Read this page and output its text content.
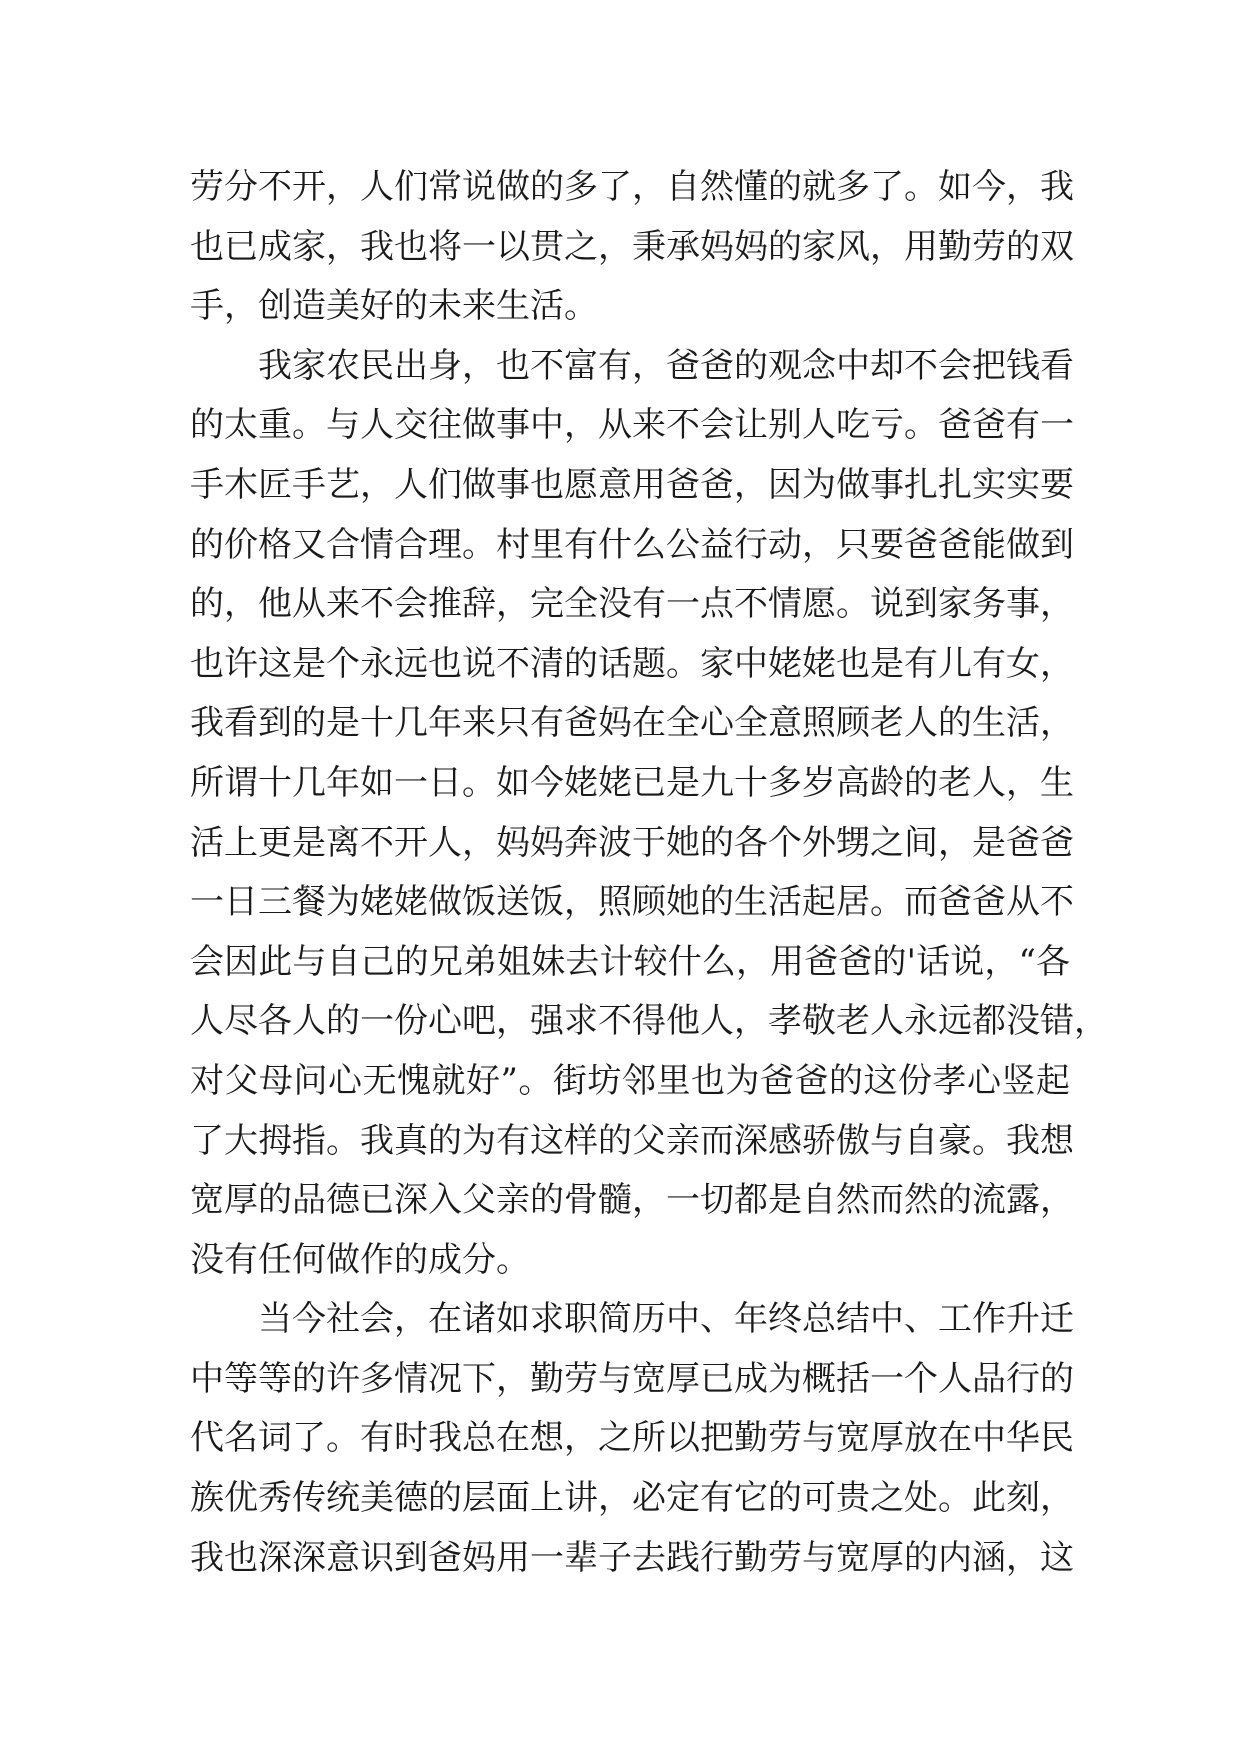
劳分不开，人们常说做的多了，自然懂的就多了。如今，我
也已成家，我也将一以贯之，秉承妈妈的家风，用勤劳的双
手，创造美好的未来生活。
我家农民出身，也不富有，爸爸的观念中却不会把钱看
的太重。与人交往做事中，从来不会让别人吃亏。爸爸有一
手木匠手艺，人们做事也愿意用爸爸，因为做事扎扎实实要
的价格又合情合理。村里有什么公益行动，只要爸爸能做到
的，他从来不会推辞，完全没有一点不情愿。说到家务事，
也许这是个永远也说不清的话题。家中姥姥也是有儿有女，
我看到的是十几年来只有爸妈在全心全意照顾老人的生活，
所谓十几年如一日。如今姥姥已是九十多岁高龄的老人，生
活上更是离不开人，妈妈奔波于她的各个外甥之间，是爸爸
一日三餐为姥姥做饭送饭，照顾她的生活起居。而爸爸从不
会因此与自己的兄弟姐妹去计较什么，用爸爸的'话说，“各
人尽各人的一份心吧，强求不得他人，孝敬老人永远都没错，
对父母问心无愧就好”。街坊邻里也为爸爸的这份孝心竖起
了大拇指。我真的为有这样的父亲而深感骄傲与自豪。我想
宽厚的品德已深入父亲的骨髓，一切都是自然而然的流露，
没有任何做作的成分。
当今社会，在诸如求职简历中、年终总结中、工作升迁
中等等的许多情况下，勤劳与宽厚已成为概括一个人品行的
代名词了。有时我总在想，之所以把勤劳与宽厚放在中华民
族优秀传统美德的层面上讲，必定有它的可贵之处。此刻，
我也深深意识到爸妈用一辈子去践行勤劳与宽厚的内涵，这
